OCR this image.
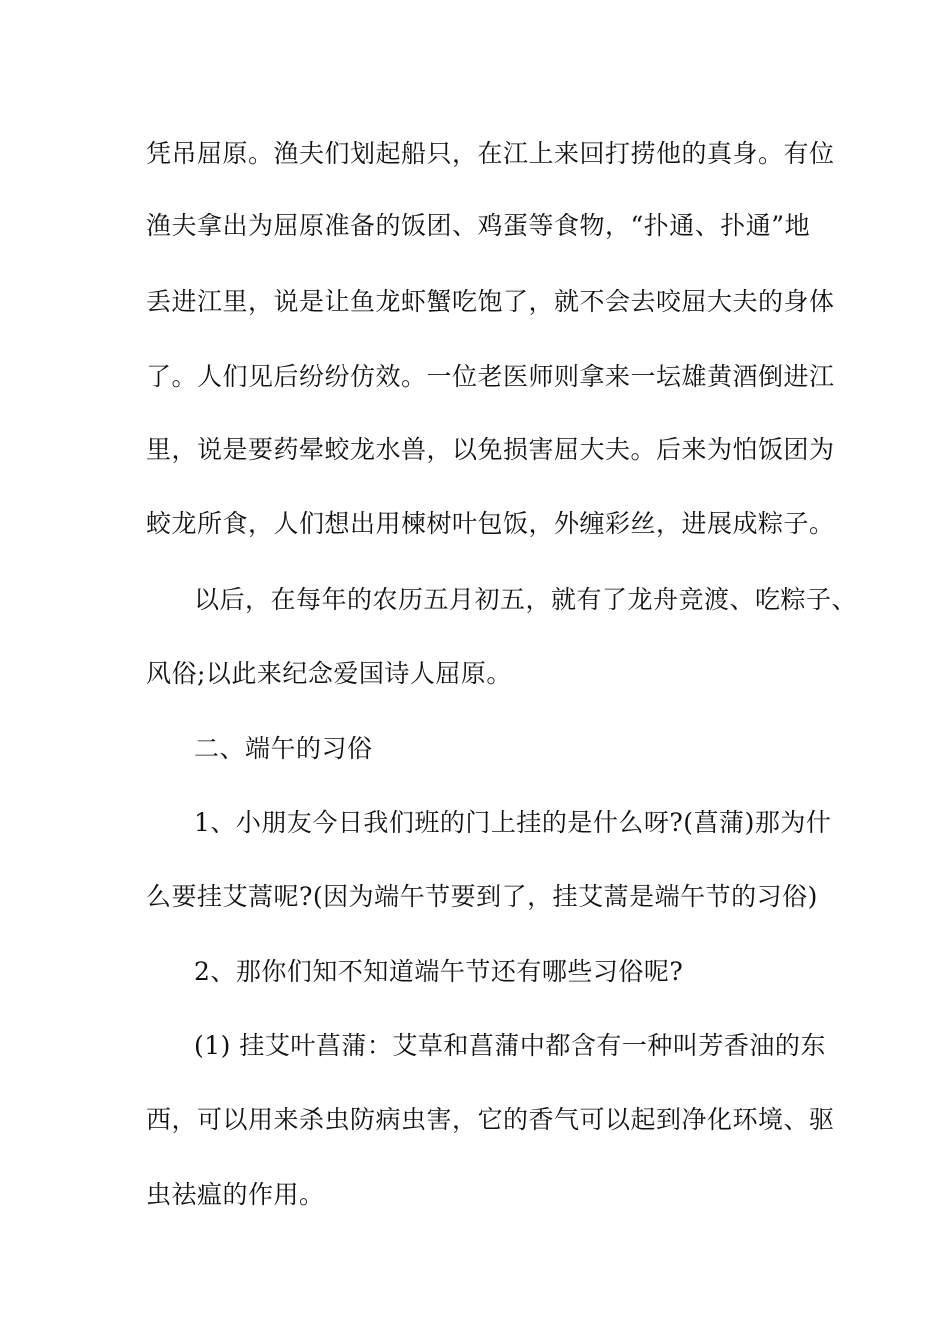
凭吊屈原。渔夫们划起船只，在江上来回打捞他的真身。有位
渔夫拿出为屈原准备的饭团、鸡蛋等食物，“扑通、扑通”地
丢进江里，说是让鱼龙虾蟹吃饱了，就不会去咬屈大夫的身体
了。人们见后纷纷仿效。一位老医师则拿来一坛雄黄酒倒进江
里，说是要药晕蛟龙水兽，以免损害屈大夫。后来为怕饭团为
蛟龙所食，人们想出用楝树叶包饭，外缠彩丝，进展成粽子。
以后，在每年的农历五月初五，就有了龙舟竞渡、吃粽子、
风俗;以此来纪念爱国诗人屈原。
二、端午的习俗
1、小朋友今日我们班的门上挂的是什么呀?(菖蒲)那为什
么要挂艾蒿呢?(因为端午节要到了，挂艾蒿是端午节的习俗)
2、那你们知不知道端午节还有哪些习俗呢?
(1) 挂艾叶菖蒲：艾草和菖蒲中都含有一种叫芳香油的东
西，可以用来杀虫防病虫害，它的香气可以起到净化环境、驱
虫祛瘟的作用。
